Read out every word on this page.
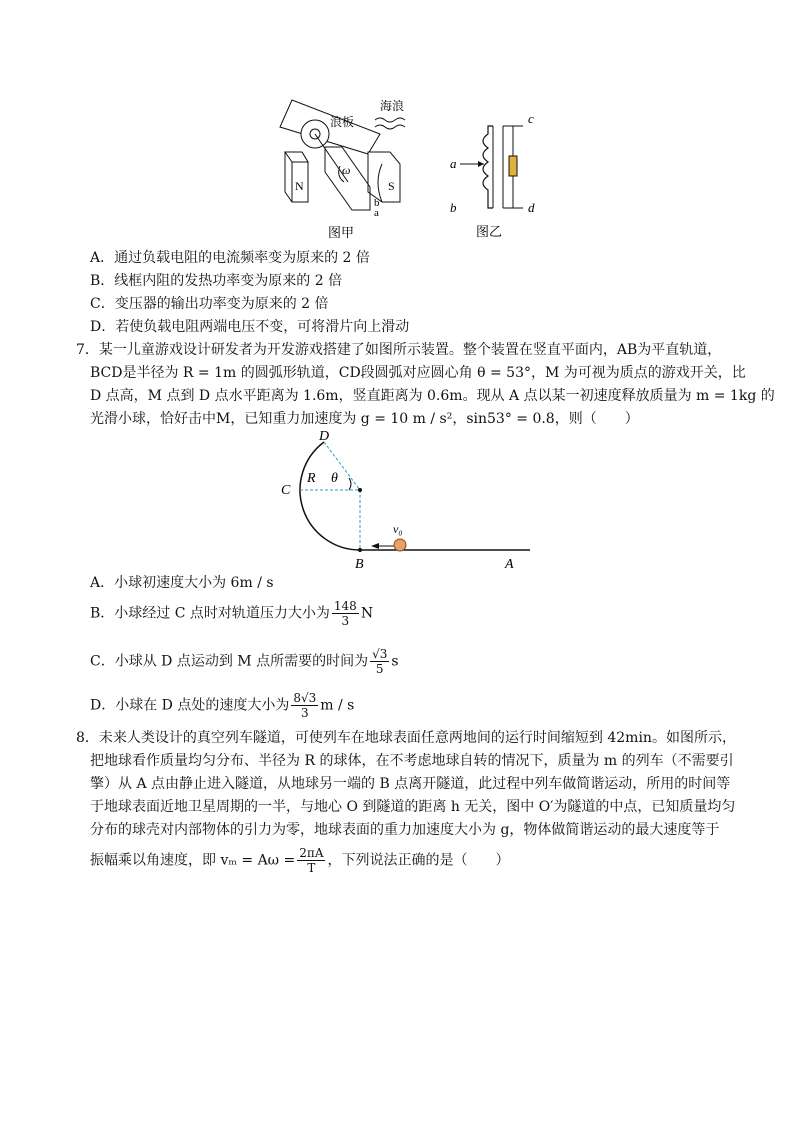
浪板
海浪
N	S
ω
b
a
图甲
a
c
b	d
图乙
A．通过负载电阻的电流频率变为原来的 2 倍
B．线框内阻的发热功率变为原来的 2 倍
C．变压器的输出功率变为原来的 2 倍
D．若使负载电阻两端电压不变，可将滑片向上滑动
7．某一儿童游戏设计研发者为开发游戏搭建了如图所示装置。整个装置在竖直平面内，AB为平直轨道，
BCD是半径为 R = 1m 的圆弧形轨道，CD段圆弧对应圆心角 θ = 53°，M 为可视为质点的游戏开关，比
D 点高，M 点到 D 点水平距离为 1.6m，竖直距离为 0.6m。现从 A 点以某一初速度释放质量为 m = 1kg 的
光滑小球，恰好击中M，已知重力加速度为 g = 10 m / s²，sin53° = 0.8，则（　　）
D
C
R θ
v₀
B	A
A．小球初速度大小为 6m / s
B．小球经过 C 点时对轨道压力大小为 $\frac{148}{3}$ N
C．小球从 D 点运动到 M 点所需要的时间为 $\frac{√3}{5}$ s
D．小球在 D 点处的速度大小为 $\frac{8√3}{3}$ m / s
8．未来人类设计的真空列车隧道，可使列车在地球表面任意两地间的运行时间缩短到 42min。如图所示，
把地球看作质量均匀分布、半径为 R 的球体，在不考虑地球自转的情况下，质量为 m 的列车（不需要引
擎）从 A 点由静止进入隧道，从地球另一端的 B 点离开隧道，此过程中列车做简谐运动，所用的时间等
于地球表面近地卫星周期的一半，与地心 O 到隧道的距离 h 无关，图中 O′为隧道的中点，已知质量均匀
分布的球壳对内部物体的引力为零，地球表面的重力加速度大小为 g，物体做简谐运动的最大速度等于
振幅乘以角速度，即 $v_m = A\omega = \frac{2\pi A}{T}$ ，下列说法正确的是（　　）
